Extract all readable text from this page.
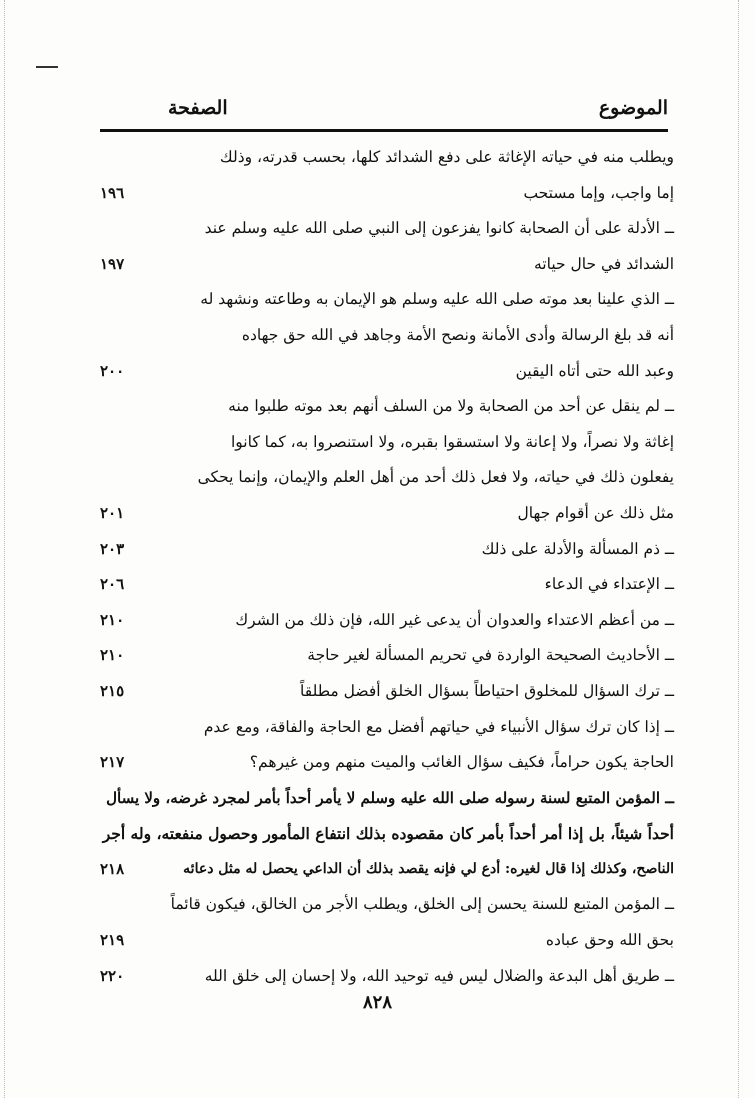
الموضوع
الصفحة
ويطلب منه في حياته الإغاثة على دفع الشدائد كلها، بحسب قدرته، وذلك
إما واجب، وإما مستحب
١٩٦
ــ الأدلة على أن الصحابة كانوا يفزعون إلى النبي صلى الله عليه وسلم عند
الشدائد في حال حياته
١٩٧
ــ الذي علينا بعد موته صلى الله عليه وسلم هو الإيمان به وطاعته ونشهد له
أنه قد بلغ الرسالة وأدى الأمانة ونصح الأمة وجاهد في الله حق جهاده
وعبد الله حتى أتاه اليقين
٢٠٠
ــ لم ينقل عن أحد من الصحابة ولا من السلف أنهم بعد موته طلبوا منه
إغاثة ولا نصراً، ولا إعانة ولا استسقوا بقبره، ولا استنصروا به، كما كانوا
يفعلون ذلك في حياته، ولا فعل ذلك أحد من أهل العلم والإيمان، وإنما يحكى
مثل ذلك عن أقوام جهال
٢٠١
ــ ذم المسألة والأدلة على ذلك
٢٠٣
ــ الإعتداء في الدعاء
٢٠٦
ــ من أعظم الاعتداء والعدوان أن يدعى غير الله، فإن ذلك من الشرك
٢١٠
ــ الأحاديث الصحيحة الواردة في تحريم المسألة لغير حاجة
٢١٠
ــ ترك السؤال للمخلوق احتياطاً بسؤال الخلق أفضل مطلقاً
٢١٥
ــ إذا كان ترك سؤال الأنبياء في حياتهم أفضل مع الحاجة والفاقة، ومع عدم
الحاجة يكون حراماً، فكيف سؤال الغائب والميت منهم ومن غيرهم؟
٢١٧
ــ المؤمن المتبع لسنة رسوله صلى الله عليه وسلم لا يأمر أحداً بأمر لمجرد غرضه، ولا يسأل
أحداً شيئاً، بل إذا أمر أحداً بأمر كان مقصوده بذلك انتفاع المأمور وحصول منفعته، وله أجر
الناصح، وكذلك إذا قال لغيره: أدع لي فإنه يقصد بذلك أن الداعي يحصل له مثل دعائه
٢١٨
ــ المؤمن المتبع للسنة يحسن إلى الخلق، ويطلب الأجر من الخالق، فيكون قائماً
بحق الله وحق عباده
٢١٩
ــ طريق أهل البدعة والضلال ليس فيه توحيد الله، ولا إحسان إلى خلق الله
٢٢٠
٨٢٨
